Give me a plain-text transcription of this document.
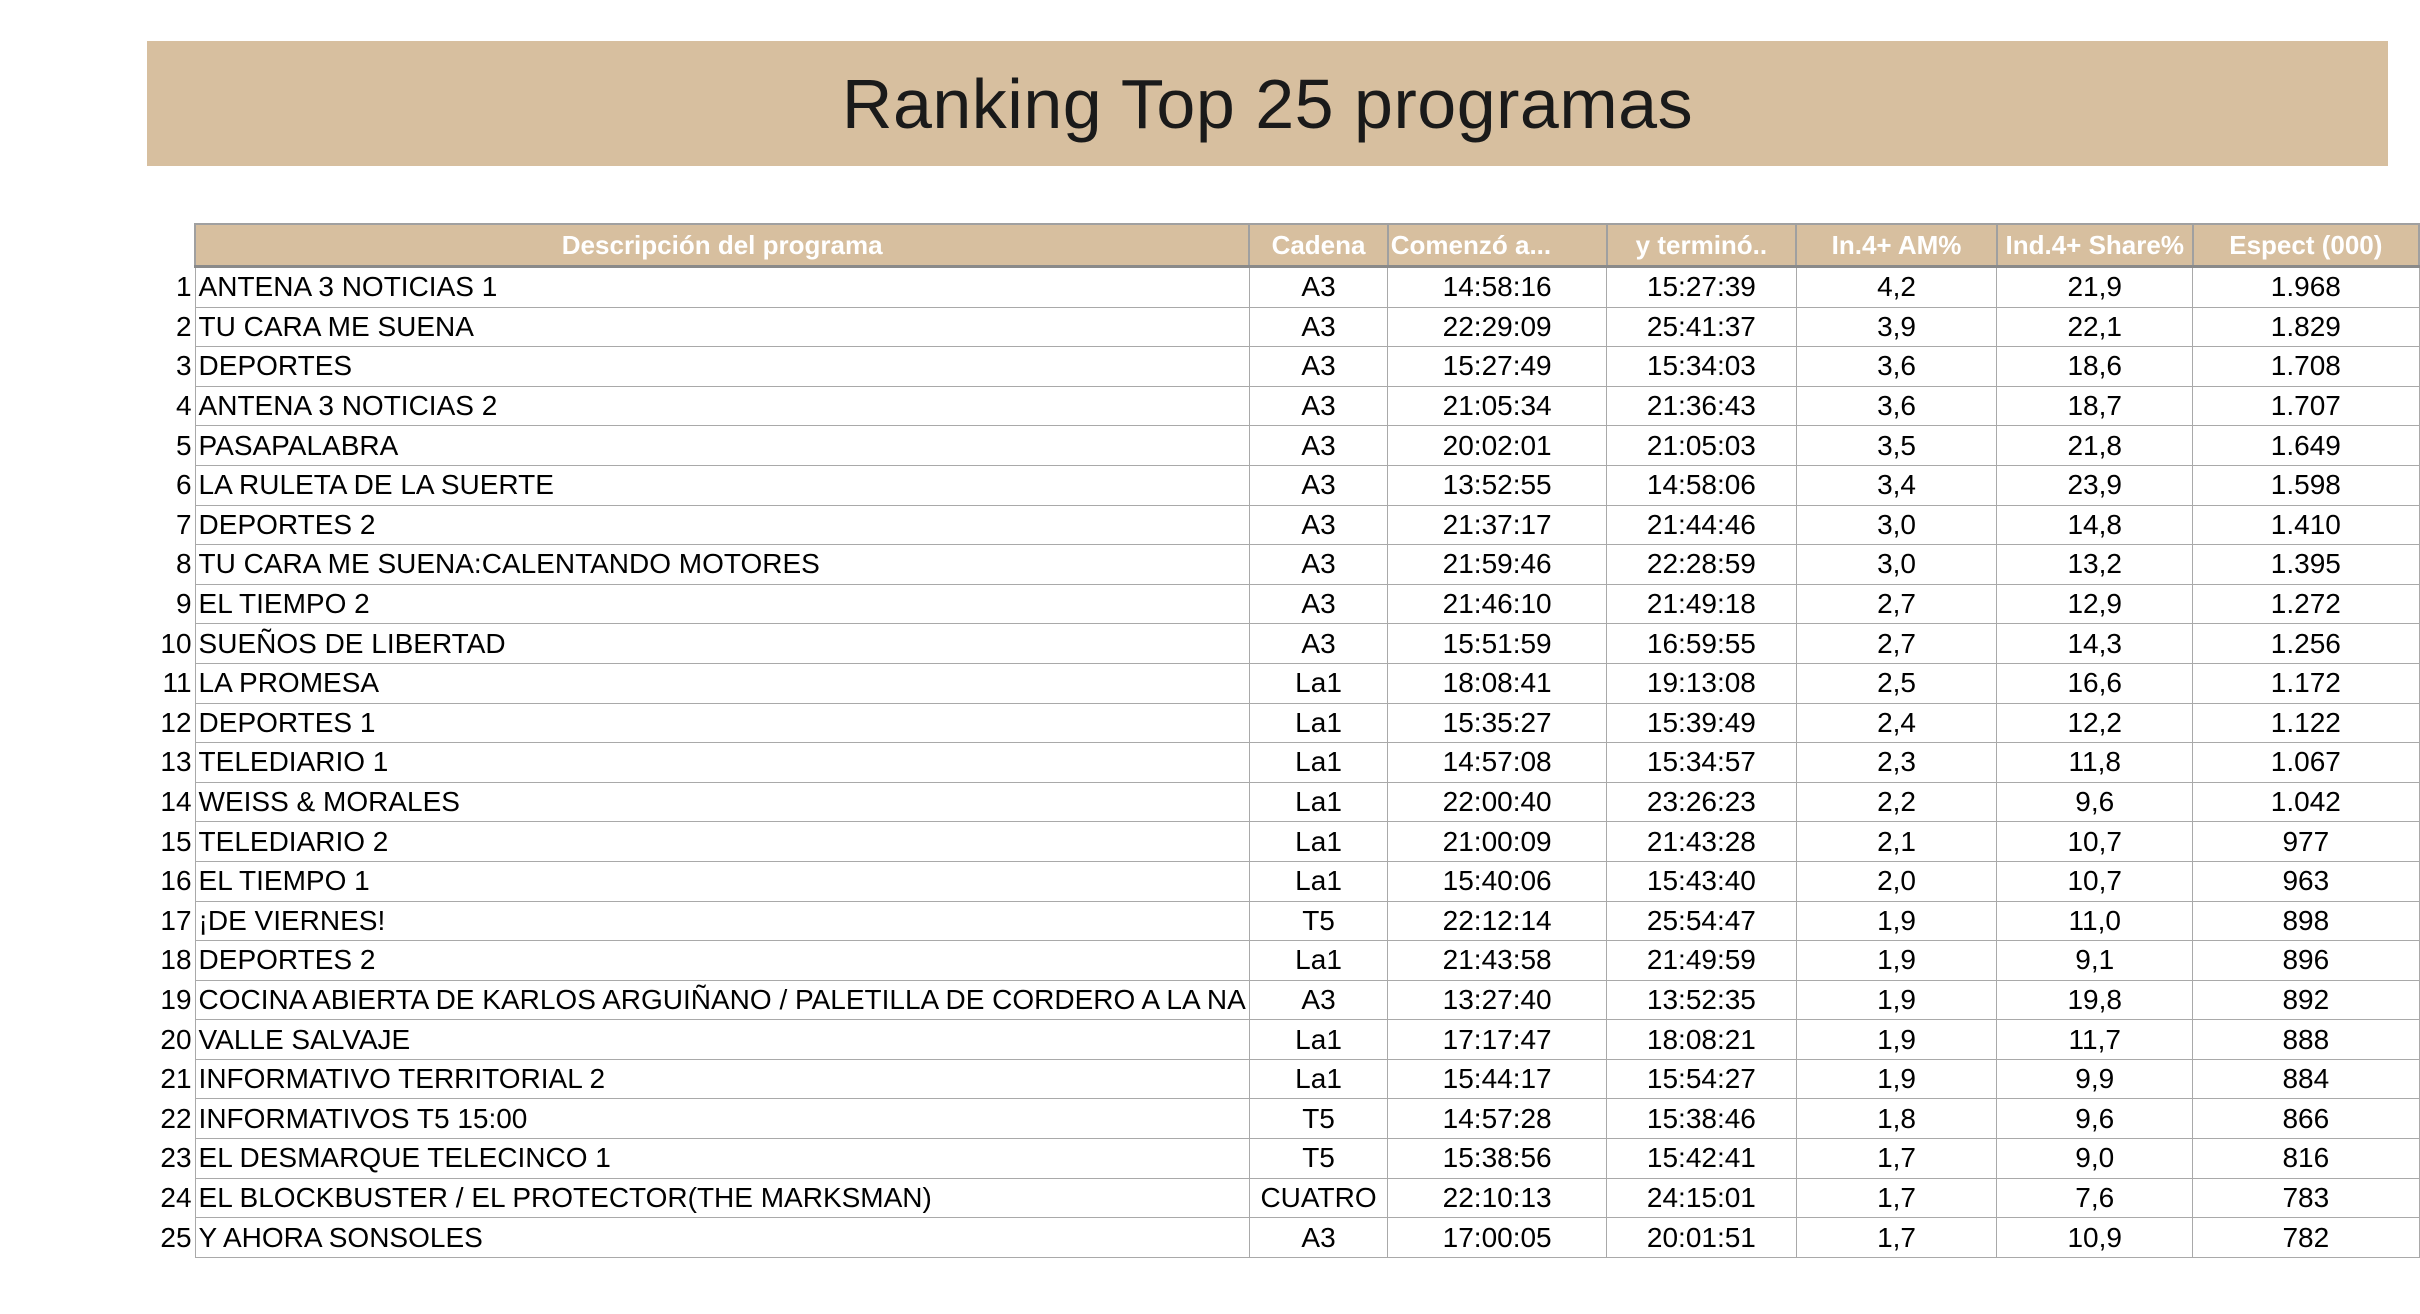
Ranking Top 25 programas
	Descripción del programa	Cadena	Comenzó a...	y terminó..	In.4+ AM%	Ind.4+ Share%	Espect (000)
1	ANTENA 3 NOTICIAS 1	A3	14:58:16	15:27:39	4,2	21,9	1.968
2	TU CARA ME SUENA	A3	22:29:09	25:41:37	3,9	22,1	1.829
3	DEPORTES	A3	15:27:49	15:34:03	3,6	18,6	1.708
4	ANTENA 3 NOTICIAS 2	A3	21:05:34	21:36:43	3,6	18,7	1.707
5	PASAPALABRA	A3	20:02:01	21:05:03	3,5	21,8	1.649
6	LA RULETA DE LA SUERTE	A3	13:52:55	14:58:06	3,4	23,9	1.598
7	DEPORTES 2	A3	21:37:17	21:44:46	3,0	14,8	1.410
8	TU CARA ME SUENA:CALENTANDO MOTORES	A3	21:59:46	22:28:59	3,0	13,2	1.395
9	EL TIEMPO 2	A3	21:46:10	21:49:18	2,7	12,9	1.272
10	SUEÑOS DE LIBERTAD	A3	15:51:59	16:59:55	2,7	14,3	1.256
11	LA PROMESA	La1	18:08:41	19:13:08	2,5	16,6	1.172
12	DEPORTES 1	La1	15:35:27	15:39:49	2,4	12,2	1.122
13	TELEDIARIO 1	La1	14:57:08	15:34:57	2,3	11,8	1.067
14	WEISS & MORALES	La1	22:00:40	23:26:23	2,2	9,6	1.042
15	TELEDIARIO 2	La1	21:00:09	21:43:28	2,1	10,7	977
16	EL TIEMPO 1	La1	15:40:06	15:43:40	2,0	10,7	963
17	¡DE VIERNES!	T5	22:12:14	25:54:47	1,9	11,0	898
18	DEPORTES 2	La1	21:43:58	21:49:59	1,9	9,1	896
19	COCINA ABIERTA DE KARLOS ARGUIÑANO / PALETILLA DE CORDERO A LA NA	A3	13:27:40	13:52:35	1,9	19,8	892
20	VALLE SALVAJE	La1	17:17:47	18:08:21	1,9	11,7	888
21	INFORMATIVO TERRITORIAL 2	La1	15:44:17	15:54:27	1,9	9,9	884
22	INFORMATIVOS T5 15:00	T5	14:57:28	15:38:46	1,8	9,6	866
23	EL DESMARQUE TELECINCO 1	T5	15:38:56	15:42:41	1,7	9,0	816
24	EL BLOCKBUSTER / EL PROTECTOR(THE MARKSMAN)	CUATRO	22:10:13	24:15:01	1,7	7,6	783
25	Y AHORA SONSOLES	A3	17:00:05	20:01:51	1,7	10,9	782
